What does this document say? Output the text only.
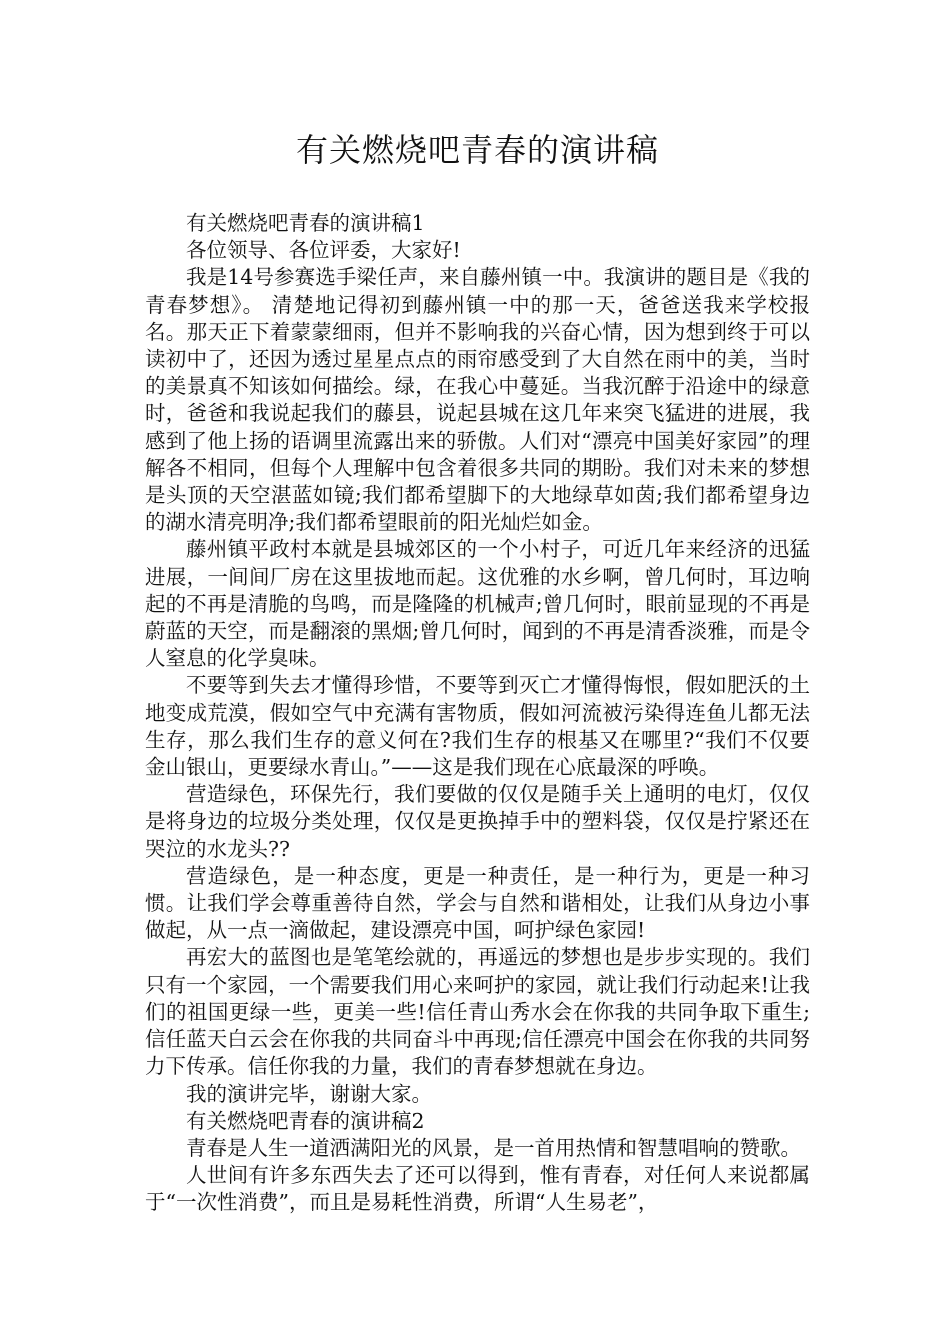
有关燃烧吧青春的演讲稿

有关燃烧吧青春的演讲稿1

各位领导、各位评委，大家好!

我是14号参赛选手梁任声，来自藤州镇一中。我演讲的题目是《我的青春梦想》。 清楚地记得初到藤州镇一中的那一天，爸爸送我来学校报名。那天正下着蒙蒙细雨，但并不影响我的兴奋心情，因为想到终于可以读初中了，还因为透过星星点点的雨帘感受到了大自然在雨中的美，当时的美景真不知该如何描绘。绿，在我心中蔓延。当我沉醉于沿途中的绿意时，爸爸和我说起我们的藤县，说起县城在这几年来突飞猛进的进展，我感到了他上扬的语调里流露出来的骄傲。人们对“漂亮中国美好家园”的理解各不相同，但每个人理解中包含着很多共同的期盼。我们对未来的梦想是头顶的天空湛蓝如镜;我们都希望脚下的大地绿草如茵;我们都希望身边的湖水清亮明净;我们都希望眼前的阳光灿烂如金。

藤州镇平政村本就是县城郊区的一个小村子，可近几年来经济的迅猛进展，一间间厂房在这里拔地而起。这优雅的水乡啊，曾几何时，耳边响起的不再是清脆的鸟鸣，而是隆隆的机械声;曾几何时，眼前显现的不再是蔚蓝的天空，而是翻滚的黑烟;曾几何时，闻到的不再是清香淡雅，而是令人窒息的化学臭味。

不要等到失去才懂得珍惜，不要等到灭亡才懂得悔恨，假如肥沃的土地变成荒漠，假如空气中充满有害物质，假如河流被污染得连鱼儿都无法生存，那么我们生存的意义何在?我们生存的根基又在哪里?“我们不仅要金山银山，更要绿水青山。”——这是我们现在心底最深的呼唤。

营造绿色，环保先行，我们要做的仅仅是随手关上通明的电灯，仅仅是将身边的垃圾分类处理，仅仅是更换掉手中的塑料袋，仅仅是拧紧还在哭泣的水龙头??

营造绿色，是一种态度，更是一种责任，是一种行为，更是一种习惯。让我们学会尊重善待自然，学会与自然和谐相处，让我们从身边小事做起，从一点一滴做起，建设漂亮中国，呵护绿色家园!

再宏大的蓝图也是笔笔绘就的，再遥远的梦想也是步步实现的。我们只有一个家园，一个需要我们用心来呵护的家园，就让我们行动起来!让我们的祖国更绿一些，更美一些!信任青山秀水会在你我的共同争取下重生;信任蓝天白云会在你我的共同奋斗中再现;信任漂亮中国会在你我的共同努力下传承。信任你我的力量，我们的青春梦想就在身边。

我的演讲完毕，谢谢大家。

有关燃烧吧青春的演讲稿2

青春是人生一道洒满阳光的风景，是一首用热情和智慧唱响的赞歌。

人世间有许多东西失去了还可以得到，惟有青春，对任何人来说都属于“一次性消费”，而且是易耗性消费，所谓“人生易老”，
